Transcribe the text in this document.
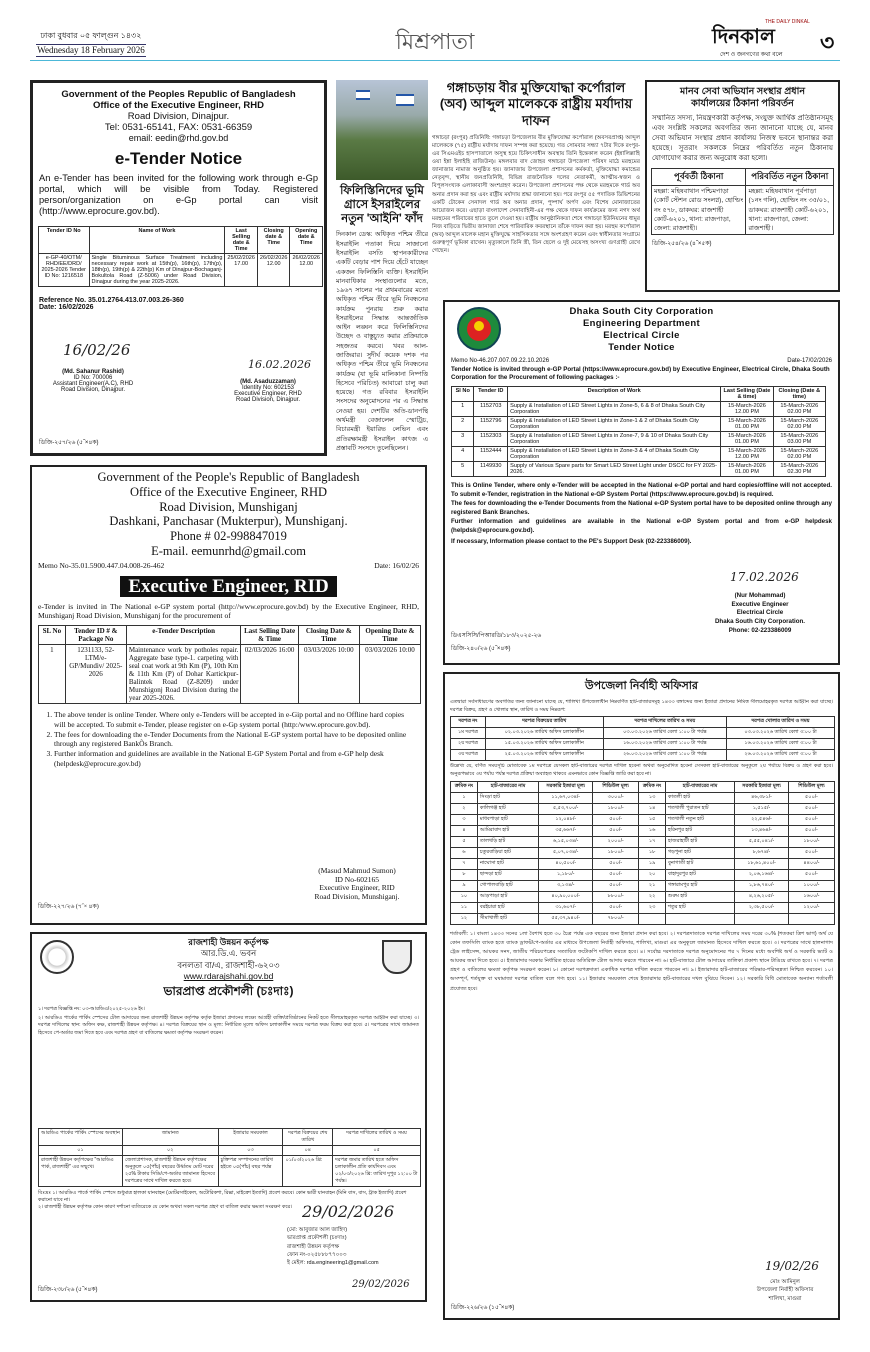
ঢাকা বুধবার ০৫ ফাল্গুন ১৪৩২
Wednesday 18 February 2026	মিশ্রপাতা
THE DAILY DINKAL
দিনকাল
দেশ ও জনগণের কথা বলে ৩
Government of the Peoples Republic of Bangladesh
Office of the Executive Engineer, RHD
Road Division, Dinajpur.
Tel: 0531-65141, FAX: 0531-66359
email: eedin@rhd.gov.bd
e-Tender Notice
An e-Tender has been invited for the following work through e-Gp portal, which will be visible from Today. Registered person/organization on e-Gp portal can visit (http://www.eprocure.gov.bd).
Tender ID No	Name of Work	Last Selling date & Time	Closing date & Time	Opening date & Time
e-GP-40/OTM/ RHD/EE/DRD/ 2025-2026 Tender ID No: 1216518	Single Bituminous Surface Treatment including necessary repair work at 15th(p), 16th(p), 17th(p), 18th(p), 19th(p) & 22th(p) Km of Dinajpur-Bochaganj-Bokultola Road (Z-5006) under Road Division, Dinajpur during the year 2025-2026.	25/02/2026 17.00	26/02/2026 12.00	26/02/2026 12.00
Reference No. 35.01.2764.413.07.003.26-360
Date: 16/02/2026
16/02/26
(Md. Sahanur Rashid)
ID No: 700006
Assistant Engineer(A.C), RHD
Road Division, Dinajpur.
16.02.2026
(Md. Asaduzzaman)
Identity No: 602153
Executive Engineer, RHD
Road Division, Dinajpur.
ডিজি-২৫৭/২৬ (৫˝×৪ক)
ফিলিস্তিনিদের ভূমি গ্রাসে ইসরাইলের নতুন 'আইনি' ফাঁদ
দিনকাল ডেস্ক: অধিকৃত পশ্চিম তীরে ইসরাইলি পতাকা দিয়ে সাজানো ইসরাইলি বসতি স্থাপনকারীদের একটি বেড়ার পাশ দিয়ে হেঁটে যাচ্ছেন একজন ফিলিস্তিনি ব্যক্তি। ইসরাইলি মানবাধিকার সংস্থাগুলোর মতে, ১৯৬৭ সালের পর প্রথমবারের মতো অধিকৃত পশ্চিম তীরে ভূমি নিবন্ধনের কার্যক্রম পুনরায় শুরু করার ইসরাইলের সিদ্ধান্ত আন্তর্জাতিক আইন লঙ্ঘন করে ফিলিস্তিনিদের উচ্ছেদ ও বাস্তুচ্যুত করার প্রক্রিয়াকে সহজতর করবে। খবর আল-জাজিরার। সুদীর্ঘ কয়েক দশক পর অধিকৃত পশ্চিম তীরে ভূমি নিবন্ধনের কার্যক্রম (যা ভূমি মালিকানা নিষ্পত্তি হিসেবে পরিচিত) আবারো চালু করা হয়েছে। গত রবিবার ইসরাইলি সংসদের অনুমোদনের পর এ সিদ্ধান্ত নেওয়া হয়। দেশটির অতি-ডানপন্থি অর্থমন্ত্রী বেজালেল স্মোট্রিচ, বিচারমন্ত্রী ইয়ারিভ লেভিন এবং প্রতিরক্ষামন্ত্রী ইসরাইল কাৎজ এ প্রস্তাবটি সংসদে তুলেছিলেন।
গঙ্গাচড়ায় বীর মুক্তিযোদ্ধা কর্পোরাল (অব) আব্দুল মালেককে রাষ্ট্রীয় মর্যাদায় দাফন
গঙ্গাচড়া (রংপুর) প্রতিনিধি: গঙ্গাচড়া উপজেলার বীর মুক্তিযোদ্ধা কর্পোরাল (অবসরপ্রাপ্ত) আব্দুল মালেককে (৭৫) রাষ্ট্রীয় মর্যাদায় দাফন সম্পন্ন করা হয়েছে। গত সোমবার সন্ধ্যা ৭টার দিকে রংপুর-এর সিএমএইচ হাসপাতালে অসুস্থ হয়ে চিকিৎসাধীন অবস্থায় তিনি ইন্তেকাল করেন (ইন্নালিল্লাহি ওয়া ইন্না ইলাইহি রাজিউন)। মঙ্গলবার বাদ জোহর গঙ্গাচড়া উপজেলা পরিষদ মাঠে মরহুমের জানাজার নামাজ অনুষ্ঠিত হয়। জানাজায় উপজেলা প্রশাসনের কর্মকর্তা, মুক্তিযোদ্ধা কমান্ডের নেতৃবৃন্দ, স্থানীয় জনপ্রতিনিধি, বিভিন্ন রাজনৈতিক দলের নেতাকর্মী, আত্মীয়-স্বজন ও বিপুলসংখ্যক এলাকাবাসী অংশগ্রহণ করেন। উপজেলা প্রশাসনের পক্ষ থেকে মরহুমকে গার্ড অব অনার প্রদান করা হয় এবং রাষ্ট্রীয় মর্যাদায় শ্রদ্ধা জানানো হয়। পরে রংপুর ৫৫ পদাতিক ডিভিশনের একটি টোকেন সেনাদল গার্ড অব অনার প্রদান, পুষ্পার্ঘ অর্পণ এবং বিশেষ মোনাজাতের আয়োজন করে। এছাড়া বাংলাদেশ সেনাবাহিনী-এর পক্ষ থেকে দাফন কার্যক্রমের জন্য নগদ অর্থ মরহুমের পরিবারের হাতে তুলে দেওয়া হয়। রাষ্ট্রীয় আনুষ্ঠানিকতা শেষে গঙ্গাচড়া ইউনিয়নের ধামুর নিজ বাড়িতে দ্বিতীয় জানাজা শেষে পারিবারিক কবরস্থানে তাঁকে দাফন করা হয়। মরহুম কর্পোরাল (অব) আব্দুল মালেক মহান মুক্তিযুদ্ধে সাহসিকতার সঙ্গে অংশগ্রহণ করেন এবং স্বাধীনতার সংগ্রামে গুরুত্বপূর্ণ ভূমিকা রাখেন। মৃত্যুকালে তিনি স্ত্রী, তিন ছেলে ও দুই মেয়েসহ অসংখ্য গুণগ্রাহী রেখে গেছেন।
মানব সেবা অভিযান সংস্থার প্রধান কার্যালয়ের ঠিকানা পরিবর্তন
সম্মানিত সদস্য, নিয়ন্ত্রণকারী কর্তৃপক্ষ, সংযুক্ত আর্থিক প্রতিষ্ঠানসমূহ এবং সংশ্লিষ্ট সকলের অবগতির জন্য জানানো যাচ্ছে যে, মানব সেবা অভিযান সংস্থার প্রধান কার্যালয় নিজস্ব ভবনে স্থানান্তর করা হয়েছে। সুতরাং সকলকে নিম্নের পরিবর্তিত নতুন ঠিকানায় যোগাযোগ করার জন্য অনুরোধ করা হলো।
পূর্ববর্তী ঠিকানা	পরিবর্তিত নতুন ঠিকানা
মহল্লা: মহিষবাথান পশ্চিমপাড়া (কোর্ট স্টেশন রোড সংলগ্ন), হোল্ডিং নং ৫৭৮, ডাকঘর: রাজশাহী কোর্ট-৬২০১, থানা: রাজপাড়া, জেলা: রাজশাহী।	মহল্লা: মহিষবাথান পূর্বপাড়া (১নং গলি), হোল্ডিং নং ৩৫/০১, ডাকঘর: রাজশাহী কোর্ট-৬২০১, থানা: রাজপাড়া, জেলা: রাজশাহী।
ডিজি-২৫৪/২৬ (৪˝×৫ক)
Dhaka South City Corporation
Engineering Department
Electrical Circle
Tender Notice
Memo No-46.207.007.09.22.10.2026	Date-17/02/2026
Tender Notice is invited through e-GP Portal (https://www.eprocure.gov.bd) by Executive Engineer, Electrical Circle, Dhaka South Corporation for the Procurement of following packages :-
Sl No	Tender ID	Description of Work	Last Selling (Date & time)	Closing (Date & time)
1	1152703	Supply & Installation of LED Street Lights in Zone-5, 6 & 8 of Dhaka South City Corporation	15-March-2026 12.00 PM	15-March-2026 02.00 PM
2	1152796	Supply & Installation of LED Street Lights in Zone-1 & 2 of Dhaka South City Corporation	15-March-2026 01.00 PM	15-March-2026 02.00 PM
3	1152303	Supply & Installation of LED Street Lights in Zone-7, 9 & 10 of Dhaka South City Corporation	15-March-2026 01.00 PM	15-March-2026 03.00 PM
4	1152444	Supply & Installation of LED Street Lights in Zone-3 & 4 of Dhaka South City Corporation	15-March-2026 12.00 PM	15-March-2026 02.00 PM
5	1149930	Supply of Various Spare parts for Smart LED Street Light under DSCC for FY 2025-2026.	15-March-2026 01.00 PM	15-March-2026 02.30 PM
This is Online Tender, where only e-Tender will be accepted in the National e-GP portal and hard copies/offline will not accepted. To submit e-Tender, registration in the National e-GP System Portal (https://www.eprocure.gov.bd) is required.
The fees for downloading the e-Tender Documents from the National e-GP System portal have to be deposited online through any registered Bank Branches.
Further information and guidelines are available in the National e-GP System portal and from e-GP helpdesk (helpdsk@eprocure.gov.bd).
If necessary, Information please contact to the PE's Support Desk (02-223386009).
17.02.2026
(Nur Mohammad)
Executive Engineer
Electrical Circle
Dhaka South City Corporation.
Phone: 02-223386009
ডিএসসিসি/পিআরডি/১৮৩/২০২৫-২৬
ডিজি-২৪০/২৬ (৫˝×৪ক)
Government of the People's Republic of Bangladesh
Office of the Executive Engineer, RHD
Road Division, Munshiganj
Dashkani, Panchasar (Mukterpur), Munshiganj.
Phone # 02-998847019
E-mail. eemunrhd@gmail.com
Memo No-35.01.5900.447.04.008-26-462	Date: 16/02/26
Executive Engineer, RID
e-Tender is invited in The National e-GP system portal (http://www.eprocure.gov.bd) by the Executive Engineer, RHD, Munshiganj Road Division, Munshiganj for the procurement of
SL No	Tender ID # & Package No	e-Tender Description	Last Selling Date & Time	Closing Date & Time	Opening Date & Time
1	1231133, 52-LTM/e-GP/Mundiv/ 2025-2026	Maintenance work by potholes repair. Aggregate base type-1. carpeting with seal coat work at 9th Km (P), 10th Km & 11th Km (P) of Dohar Kartickpur-Balintek Road (Z-8209) under Munshigonj Road Division during the year 2025-2026.	02/03/2026 16:00	03/03/2026 10:00	03/03/2026 10:00
1. The above tender is online Tender. Where only e-Tenders will be accepted in e-Gip portal and no Offline hard copies will be accepted. To submit e-Tender, please register on e-Gp system portal (http:/www.eprocure.gov.bd).
2. The fees for downloading the e-Tender Documents from the National E-GP system portal have to be deposited online through any registered BankÕs Branch.
3. Further information and guidelines are available in the National E-GP System Portal and from e-GP help desk (helpdesk@eprocure.gov.bd)
(Masud Mahmud Sumon)
ID No-602165
Executive Engineer, RID
Road Division, Munshiganj.
ডিজি-২২৭/২৬ (৭˝× ৪ক)
রাজশাহী উন্নয়ন কর্তৃপক্ষ
আর.ডি.এ. ভবন
বনলতা বা/এ, রাজশাহী-৬২০৩
www.rdarajshahi.gov.bd
ভারপ্রাপ্ত প্রকৌশলী (চঃদাঃ)
১। দরপত্র বিজ্ঞপ্তি নং: ০৩-আরডিএ/২০২৫-২০২৬ ইং।
২। আরডিএ পার্কের পার্কিং স্পেসের টোল আদায়ের জন্য রাজশাহী উন্নয়ন কর্তৃপক্ষ কর্তৃক ইজারা প্রদানের লক্ষ্যে আগ্রহী ব্যক্তি/প্রতিষ্ঠানের নিকট হতে সীলমোহরকৃত দরপত্র আহ্বান করা যাচ্ছে। ৩। দরপত্র দাখিলের স্থান: অফিস কক্ষ, রাজশাহী উন্নয়ন কর্তৃপক্ষ। ৪। দরপত্র বিক্রয়ের স্থান ও মূল্য: নির্ধারিত মূল্যে অফিস চলাকালীন সময়ে দরপত্র ফরম বিক্রয় করা হবে। ৫। দরপত্রের সাথে জামানত হিসেবে পে-অর্ডার জমা দিতে হবে এবং দরপত্র গ্রহণ বা বাতিলের ক্ষমতা কর্তৃপক্ষ সংরক্ষণ করেন।
আরডিএ পার্কের পার্কিং স্পেসের অবস্থান	জামানত	ইজারার সময়কাল	দরপত্র বিক্রয়ের শেষ তারিখ	দরপত্র দাখিলের তারিখ ও সময়
০১	০২	০৩	০৪	০৫
রাজশাহী উন্নয়ন কর্তৃপক্ষের "আরডিএ পার্ক, রাজশাহী" এর সম্মুখে।	জেলাপ্রশাসক, রাজশাহী উন্নয়ন কর্তৃপক্ষের অনুকূলে ০৫(পাঁচ) বছরের উর্ধ্বতম মোট দরের ২৫% টাকার সিডি/পে-অর্ডার জামানত হিসেবে দরপত্রের সাথে দাখিল করতে হবে।	চুক্তিপত্র সম্পাদনের তারিখ হইতে ০৫(পাঁচ) বছর পর্যন্ত	০১/০৩/২০২৬ খ্রি:	দরপত্র জমার তারিখ হতে অফিস চলাকালীন প্রতি কার্যদিবস এবং ০২/০৩/২০২৬ খ্রি: তারিখ দুপুর ১২:০০ টা পর্যন্ত।
বিঃদ্রঃ ১। আরডিএ পার্কে পার্কিং স্পেসে শুধুমাত্র হালকা যানবাহন (মোটরসাইকেল, অটোরিকশা, রিক্সা, মাইক্রো ইত্যাদি) প্রবেশ করবে। কোন ভারী যানবাহন (মিনি বাস, বাস, ট্রাক ইত্যাদি) প্রবেশ করানো যাবে না।
২। রাজশাহী উন্নয়ন কর্তৃপক্ষ কোন কারণ দর্শানো ব্যতিরেকে যে কোন অথবা সকল দরপত্র গ্রহণ বা বাতিল করার ক্ষমতা সংরক্ষণ করে। 29/02/2026
(মো: আবুজার আল জাহিদ)
ভারপ্রাপ্ত প্রকৌশলী (চঃদাঃ)
রাজশাহী উন্নয়ন কর্তৃপক্ষ
ফোন নং-০২৫৮৮৮৭৭০০৩
ই মেইল: rda.engineering1@gmail.com
29/02/2026
ডিজি-২৩৮/২৬ (৫˝×৪ক)
উপজেলা নির্বাহী অফিসার
এতদ্বারা সর্বসাধারণের অবগতির জন্য জানানো যাচ্ছে যে, শালিখা উপজেলাধীন নিম্নবর্ণিত হাট-বাজারসমূহ ১৪৩৩ বঙ্গাব্দের জন্য ইজারা প্রদানের নিমিত্ত সীলমোহরকৃত দরপত্র আহ্বান করা যাচ্ছে। দরপত্র বিক্রয়, গ্রহণ ও খোলার স্থান, তারিখ ও সময় নিম্নরূপ:
দরপত্র নং	দরপত্র বিক্রয়ের তারিখ	দরপত্র দাখিলের তারিখ ও সময়	দরপত্র খোলার তারিখ ও সময়
১ম দরপত্র	০২.০৩.২০২৬ তারিখ অফিস চলাকালীন	০৩.০৩.২০২৬ তারিখ বেলা ১:০০ টা পর্যন্ত	০৩.০৩.২০২৬ তারিখ বেলা ৩:০০ টা
২য় দরপত্র	১৫.০৩.২০২৬ তারিখ অফিস চলাকালীন	১৬.০৩.২০২৬ তারিখ বেলা ১:০০ টা পর্যন্ত	১৬.০৩.২০২৬ তারিখ বেলা ৩:০০ টা
৩য় দরপত্র	২৫.০৩.২০২৬ তারিখ অফিস চলাকালীন	২৬.০৩.২০২৬ তারিখ বেলা ১:০০ টা পর্যন্ত	২৬.০৩.২০২৬ তারিখ বেলা ৩:০০ টা
উল্লেখ্য যে, বর্ণিত সময়সূচি মোতাবেক ১ম দরপত্রে যেসকল হাট-বাজারের দরপত্র দাখিল হবেনা অথবা অনুমোদিত হবেনা সেসকল হাট-বাজারের অনুকূলে ২য় পর্যায়ে বিক্রয় ও গ্রহণ করা হবে। অনুরূপভাবে ৩য় পর্যায় পর্যন্ত দরপত্র প্রক্রিয়া অব্যাহত থাকবে এমনভাবে কোন বিজ্ঞপ্তি জারি করা হবে না।
ক্রমিক নং	হাট-বাজারের নাম	সরকারি ইজারা মূল্য	শিডিউল মূল্য	ক্রমিক নং	হাট-বাজারের নাম	সরকারি ইজারা মূল্য	শিডিউল মূল্য
১	সিংড়া হাট	১১,৬৭,০৩৪/-	৩০০০/-	১৩	কাতলী হাট	৪৬,৩৮১/-	৫০০/-
২	কালিগঞ্জ হাট	৫,৫৩,৭০০/-	১৮০০/-	১৪	শতখালী পুরাতন হাট	১,৫১৫/-	৫০০/-
৩	মাধবপাড়া হাট	১২,০৪৮/-	৫০০/-	১৫	শতখালী নতুন হাট	২২,৫৪৬/-	৫০০/-
৪	আমিরাবাদ হাট	৩৫,৬৬৭/-	৫০০/-	১৬	হরিনপুর হাট	১৩,৪৬৪/-	৫০০/-
৫	তালখড়ি হাট	৬,১৫,০৩৪/-	২০০০/-	১৭	হাজরাহাটী হাট	৫,৫৫,০৪১/-	১৮০০/-
৬	চতুরবাড়িয়া হাট	৫,০৭,০৩৪/-	১৮০০/-	১৮	গড়পুনা হাট	৮,৬৭৪/-	৫০০/-
৭	নাঘোসা হাট	৪০,৫০০/-	৫০০/-	১৯	বুনাগাতী হাট	১৮,৬১,৪০০/-	৪৪০০/-
৮	ছান্দড়া হাট	১,১৮০/-	৫০০/-	২০	বাহাদুরপুর হাট	২,০৬,১৬৪/-	৫০০/-
৯	গোপালবাড়ি হাট	৩,১৩৪/-	৫০০/-	২১	গঙ্গারামপুর হাট	১,৮৬,৭৪০/-	১০০০/-
১০	আড়পাড়া হাট	৪০,৯০,০০০/-	৮৮০০/-	২২	শুরুম হাট	৪,২৬,২০৫/-	১৬০০/-
১১	বরইচারা হাট	৩১,৬০৭/-	৫০০/-	২৩	শতুর হাট	২,৩৮,৫০০/-	১২০০/-
১২	সীমাখালী হাট	৫৫,৩৭,৯৪০/-	৭৮০০/-				
শর্তাবলী: ১। বাংলা ১৪৩৩ সনের ১লা বৈশাখ হতে ৩০ চৈত্র পর্যন্ত এক বছরের জন্য ইজারা প্রদান করা হবে। ২। দরপত্রদাতাকে দরপত্র দাখিলের সময় দরের ৩০% (শতকরা ত্রিশ ভাগ) অর্থ যে কোন তফসিলি ব্যাংক হতে ব্যাংক ড্রাফট/পে-অর্ডার এর মাধ্যমে উপজেলা নির্বাহী অফিসার, শালিখা, মাগুরা এর অনুকূলে জামানত হিসেবে দাখিল করতে হবে। ৩। দরপত্রের সাথে হালনাগাদ ট্রেড লাইসেন্স, আয়কর সনদ, জাতীয় পরিচয়পত্রের সত্যায়িত ফটোকপি দাখিল করতে হবে। ৪। সর্বোচ্চ দরদাতাকে দরপত্র অনুমোদনের পর ৭ দিনের মধ্যে অবশিষ্ট অর্থ ও সরকারি ভ্যাট ও আয়কর জমা দিতে হবে। ৫। ইজারাদার সরকার নির্ধারিত হারের অতিরিক্ত টোল আদায় করতে পারবেন না। ৬। হাট-বাজারে টোল আদায়ের তালিকা প্রকাশ্য স্থানে টাঙিয়ে রাখতে হবে। ৭। দরপত্র গ্রহণ ও বাতিলের ক্ষমতা কর্তৃপক্ষ সংরক্ষণ করেন। ৮। কোনো দরপত্রদাতা একাধিক দরপত্র দাখিল করতে পারবেন না। ৯। ইজারাদার হাট-বাজারের পরিষ্কার-পরিচ্ছন্নতা নিশ্চিত করবেন। ১০। অসম্পূর্ণ, শর্তযুক্ত বা ঘষামাজা দরপত্র বাতিল বলে গণ্য হবে। ১১। ইজারার সময়কাল শেষে ইজারাদার হাট-বাজারের দখল বুঝিয়ে দিবেন। ১২। সরকারি বিধি মোতাবেক অন্যান্য শর্তাবলী প্রযোজ্য হবে।
19/02/26
মোঃ আমিনুল
উপজেলা নির্বাহী অফিসার
শালিখা, মাগুরা
ডিজি-২২৬/২৬ (১৫˝×৪ক)
